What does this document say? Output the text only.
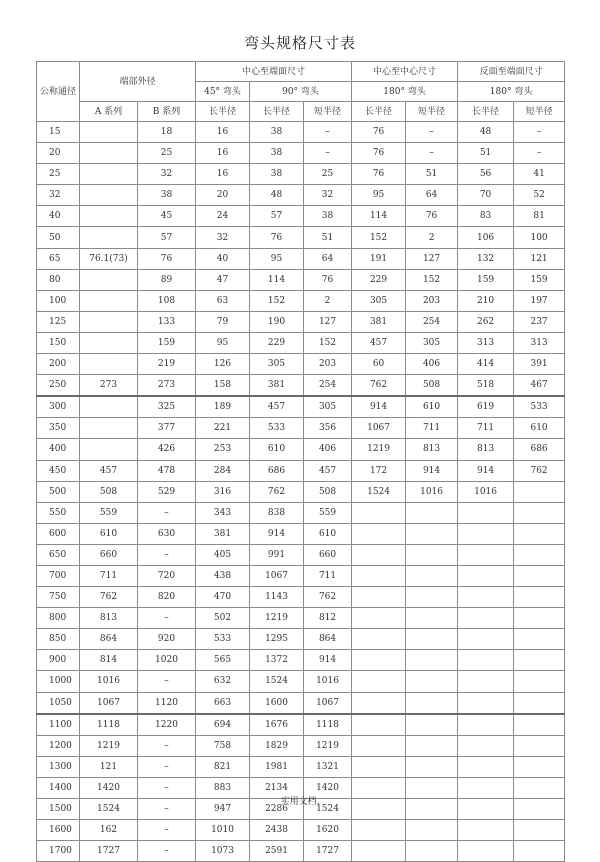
弯头规格尺寸表
公称通径	端部外径		中心至端面尺寸			中心至中心尺寸		反面至端面尺寸	
			45° 弯头	90° 弯头		180° 弯头		180° 弯头	
	A 系列	B 系列	长半径	长半径	短半径	长半径	短半径	长半径	短半径
15		18	16	38	–	76	–	48	–
20		25	16	38	–	76	–	51	–
25		32	16	38	25	76	51	56	41
32		38	20	48	32	95	64	70	52
40		45	24	57	38	114	76	83	81
50		57	32	76	51	152	2	106	100
65	76.1(73)	76	40	95	64	191	127	132	121
80		89	47	114	76	229	152	159	159
100		108	63	152	2	305	203	210	197
125		133	79	190	127	381	254	262	237
150		159	95	229	152	457	305	313	313
200		219	126	305	203	60	406	414	391
250	273	273	158	381	254	762	508	518	467
300		325	189	457	305	914	610	619	533
350		377	221	533	356	1067	711	711	610
400		426	253	610	406	1219	813	813	686
450	457	478	284	686	457	172	914	914	762
500	508	529	316	762	508	1524	1016	1016	
550	559	–	343	838	559				
600	610	630	381	914	610				
650	660	–	405	991	660				
700	711	720	438	1067	711				
750	762	820	470	1143	762				
800	813	–	502	1219	812				
850	864	920	533	1295	864				
900	814	1020	565	1372	914				
1000	1016	–	632	1524	1016				
1050	1067	1120	663	1600	1067				
1100	1118	1220	694	1676	1118				
1200	1219	–	758	1829	1219				
1300	121	–	821	1981	1321				
1400	1420	–	883	2134	1420				
1500	1524	–	947	2286	1524				
1600	162	–	1010	2438	1620				
1700	1727	–	1073	2591	1727				
实用文档.
